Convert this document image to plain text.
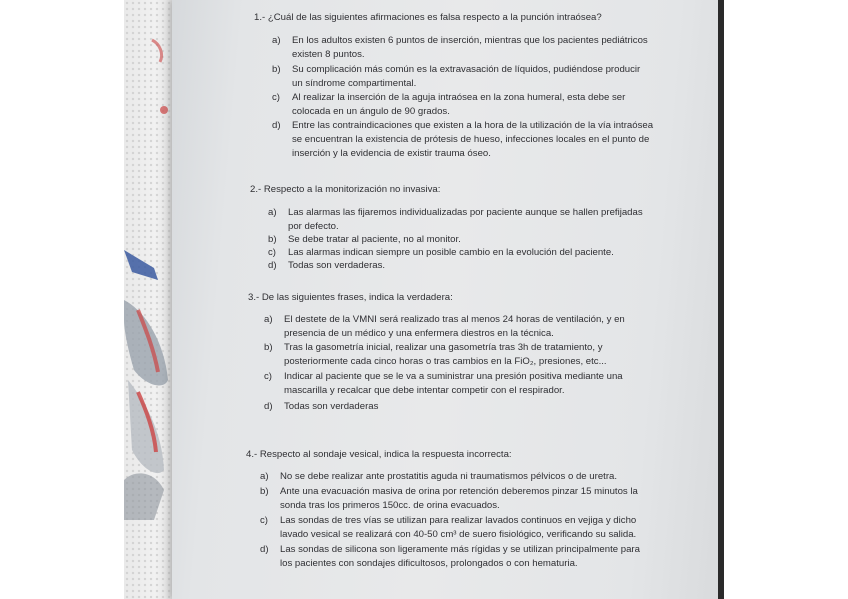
1.- ¿Cuál de las siguientes afirmaciones es falsa respecto a la punción intraósea?
a) En los adultos existen 6 puntos de inserción, mientras que los pacientes pediátricos existen 8 puntos.
b) Su complicación más común es la extravasación de líquidos, pudiéndose producir un síndrome compartimental.
c) Al realizar la inserción de la aguja intraósea en la zona humeral, esta debe ser colocada en un ángulo de 90 grados.
d) Entre las contraindicaciones que existen a la hora de la utilización de la vía intraósea se encuentran la existencia de prótesis de hueso, infecciones locales en el punto de inserción y la evidencia de existir trauma óseo.
2.- Respecto a la monitorización no invasiva:
a) Las alarmas las fijaremos individualizadas por paciente aunque se hallen prefijadas por defecto.
b) Se debe tratar al paciente, no al monitor.
c) Las alarmas indican siempre un posible cambio en la evolución del paciente.
d) Todas son verdaderas.
3.- De las siguientes frases, indica la verdadera:
a) El destete de la VMNI será realizado tras al menos 24 horas de ventilación, y en presencia de un médico y una enfermera diestros en la técnica.
b) Tras la gasometría inicial, realizar una gasometría tras 3h de tratamiento, y posteriormente cada cinco horas o tras cambios en la FiO₂, presiones, etc...
c) Indicar al paciente que se le va a suministrar una presión positiva mediante una mascarilla y recalcar que debe intentar competir con el respirador.
d) Todas son verdaderas
4.- Respecto al sondaje vesical, indica la respuesta incorrecta:
a) No se debe realizar ante prostatitis aguda ni traumatismos pélvicos o de uretra.
b) Ante una evacuación masiva de orina por retención deberemos pinzar 15 minutos la sonda tras los primeros 150cc. de orina evacuados.
c) Las sondas de tres vías se utilizan para realizar lavados continuos en vejiga y dicho lavado vesical se realizará con 40-50 cm³ de suero fisiológico, verificando su salida.
d) Las sondas de silicona son ligeramente más rígidas y se utilizan principalmente para los pacientes con sondajes dificultosos, prolongados o con hematuria.
